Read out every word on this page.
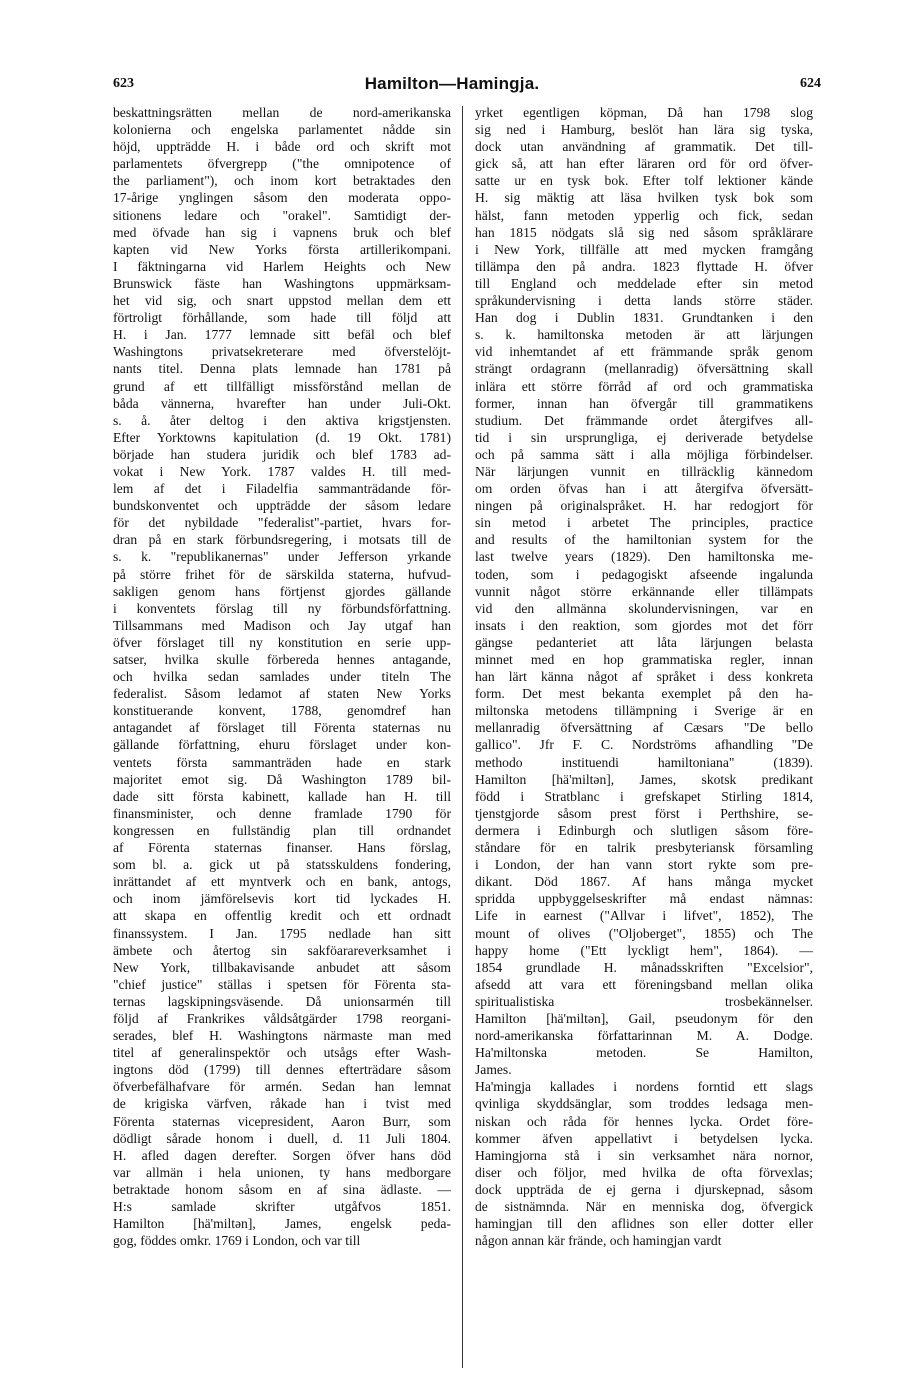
623	Hamilton—Hamingja.	624
beskattningsrätten mellan de nord-amerikanska
kolonierna och engelska parlamentet nådde sin
höjd, uppträdde H. i både ord och skrift mot
parlamentets öfvergrepp ("the omnipotence of
the parliament"), och inom kort betraktades den
17-årige ynglingen såsom den moderata oppo-
sitionens ledare och "orakel". Samtidigt der-
med öfvade han sig i vapnens bruk och blef
kapten vid New Yorks första artillerikompani.
I fäktningarna vid Harlem Heights och New
Brunswick fäste han Washingtons uppmärksam-
het vid sig, och snart uppstod mellan dem ett
förtroligt förhållande, som hade till följd att
H. i Jan. 1777 lemnade sitt befäl och blef
Washingtons privatsekreterare med öfverstelöjt-
nants titel. Denna plats lemnade han 1781 på
grund af ett tillfälligt missförstånd mellan de
båda vännerna, hvarefter han under Juli-Okt.
s. å. åter deltog i den aktiva krigstjensten.
Efter Yorktowns kapitulation (d. 19 Okt. 1781)
började han studera juridik och blef 1783 ad-
vokat i New York. 1787 valdes H. till med-
lem af det i Filadelfia sammanträdande för-
bundskonventet och uppträdde der såsom ledare
för det nybildade "federalist"-partiet, hvars for-
dran på en stark förbundsregering, i motsats till de
s. k. "republikanernas" under Jefferson yrkande
på större frihet för de särskilda staterna, hufvud-
sakligen genom hans förtjenst gjordes gällande
i konventets förslag till ny förbundsförfattning.
Tillsammans med Madison och Jay utgaf han
öfver förslaget till ny konstitution en serie upp-
satser, hvilka skulle förbereda hennes antagande,
och hvilka sedan samlades under titeln The
federalist. Såsom ledamot af staten New Yorks
konstituerande konvent, 1788, genomdref han
antagandet af förslaget till Förenta staternas nu
gällande författning, ehuru förslaget under kon-
ventets första sammanträden hade en stark
majoritet emot sig. Då Washington 1789 bil-
dade sitt första kabinett, kallade han H. till
finansminister, och denne framlade 1790 för
kongressen en fullständig plan till ordnandet
af Förenta staternas finanser. Hans förslag,
som bl. a. gick ut på statsskuldens fondering,
inrättandet af ett myntverk och en bank, antogs,
och inom jämförelsevis kort tid lyckades H.
att skapa en offentlig kredit och ett ordnadt
finanssystem. I Jan. 1795 nedlade han sitt
ämbete och återtog sin sakföarareverksamhet i
New York, tillbakavisande anbudet att såsom
"chief justice" ställas i spetsen för Förenta sta-
ternas lagskipningsväsende. Då unionsarmén till
följd af Frankrikes våldsåtgärder 1798 reorgani-
serades, blef H. Washingtons närmaste man med
titel af generalinspektör och utsågs efter Wash-
ingtons död (1799) till dennes efterträdare såsom
öfverbefälhafvare för armén. Sedan han lemnat
de krigiska värfven, råkade han i tvist med
Förenta staternas vicepresident, Aaron Burr, som
dödligt sårade honom i duell, d. 11 Juli 1804.
H. afled dagen derefter. Sorgen öfver hans död
var allmän i hela unionen, ty hans medborgare
betraktade honom såsom en af sina ädlaste. —
H:s samlade skrifter utgåfvos 1851.
Hamilton [hä'miltən], James, engelsk peda-
gog, föddes omkr. 1769 i London, och var till
yrket egentligen köpman, Då han 1798 slog
sig ned i Hamburg, beslöt han lära sig tyska,
dock utan användning af grammatik. Det till-
gick så, att han efter läraren ord för ord öfver-
satte ur en tysk bok. Efter tolf lektioner kände
H. sig mäktig att läsa hvilken tysk bok som
hälst, fann metoden ypperlig och fick, sedan
han 1815 nödgats slå sig ned såsom språklärare
i New York, tillfälle att med mycken framgång
tillämpa den på andra. 1823 flyttade H. öfver
till England och meddelade efter sin metod
språkundervisning i detta lands större städer.
Han dog i Dublin 1831. Grundtanken i den
s. k. hamiltonska metoden är att lärjungen
vid inhemtandet af ett främmande språk genom
strängt ordagrann (mellanradig) öfversättning skall
inlära ett större förråd af ord och grammatiska
former, innan han öfvergår till grammatikens
studium. Det främmande ordet återgifves all-
tid i sin ursprungliga, ej deriverade betydelse
och på samma sätt i alla möjliga förbindelser.
När lärjungen vunnit en tillräcklig kännedom
om orden öfvas han i att återgifva öfversätt-
ningen på originalspråket. H. har redogjort för
sin metod i arbetet The principles, practice
and results of the hamiltonian system for the
last twelve years (1829). Den hamiltonska me-
toden, som i pedagogiskt afseende ingalunda
vunnit något större erkännande eller tillämpats
vid den allmänna skolundervisningen, var en
insats i den reaktion, som gjordes mot det förr
gängse pedanteriet att låta lärjungen belasta
minnet med en hop grammatiska regler, innan
han lärt känna något af språket i dess konkreta
form. Det mest bekanta exemplet på den ha-
miltonska metodens tillämpning i Sverige är en
mellanradig öfversättning af Cæsars "De bello
gallico". Jfr F. C. Nordströms afhandling "De
methodo instituendi hamiltoniana" (1839).
Hamilton [hä'miltən], James, skotsk predikant
född i Stratblanc i grefskapet Stirling 1814,
tjenstgjorde såsom prest först i Perthshire, se-
dermera i Edinburgh och slutligen såsom före-
ståndare för en talrik presbyteriansk församling
i London, der han vann stort rykte som pre-
dikant. Död 1867. Af hans många mycket
spridda uppbyggelseskrifter må endast nämnas:
Life in earnest ("Allvar i lifvet", 1852), The
mount of olives ("Oljoberget", 1855) och The
happy home ("Ett lyckligt hem", 1864). —
1854 grundlade H. månadsskriften "Excelsior",
afsedd att vara ett föreningsband mellan olika
spiritualistiska trosbekännelser.
Hamilton [hä'miltən], Gail, pseudonym för den
nord-amerikanska författarinnan M. A. Dodge.
Ha'miltonska metoden. Se Hamilton,
James.
Ha'mingja kallades i nordens forntid ett slags
qvinliga skyddsänglar, som troddes ledsaga men-
niskan och råda för hennes lycka. Ordet före-
kommer äfven appellativt i betydelsen lycka.
Hamingjorna stå i sin verksamhet nära nornor,
diser och följor, med hvilka de ofta förvexlas;
dock uppträda de ej gerna i djurskepnad, såsom
de sistnämnda. När en menniska dog, öfvergick
hamingjan till den aflidnes son eller dotter eller
någon annan kär frände, och hamingjan vardt
